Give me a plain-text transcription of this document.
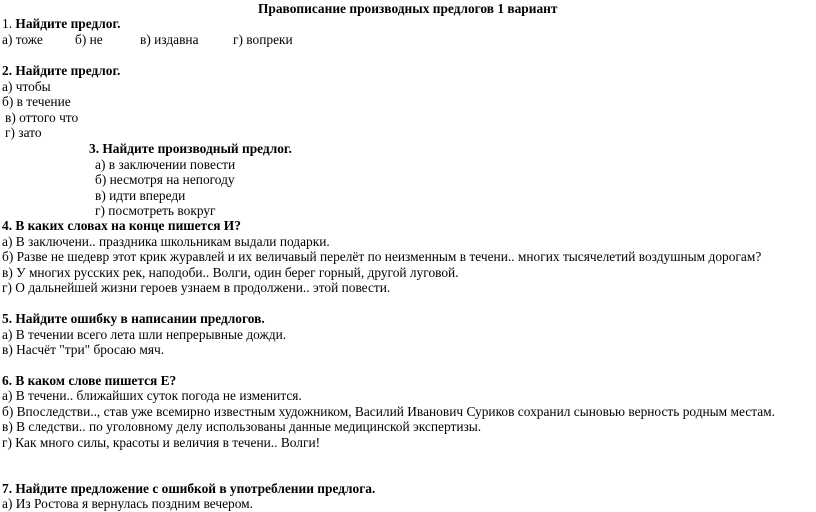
Правописание производных предлогов 1 вариант
1. Найдите предлог.
а) тоже б) не	в) издавна	г) вопреки
2. Найдите предлог.
а) чтобы
б) в течение
в) оттого что
г) зато
3. Найдите производный предлог.
а) в заключении повести
б) несмотря на непогоду
в) идти впереди
г) посмотреть вокруг
4. В каких словах на конце пишется И?
а) В заключени.. праздника школьникам выдали подарки.
б) Разве не шедевр этот крик журавлей и их величавый перелёт по неизменным в течени.. многих тысячелетий воздушным дорогам?
в) У многих русских рек, наподоби.. Волги, один берег горный, другой луговой.
г) О дальнейшей жизни героев узнаем в продолжени.. этой повести.
5. Найдите ошибку в написании предлогов.
а) В течении всего лета шли непрерывные дожди.
в) Насчёт "три" бросаю мяч.
6. В каком слове пишется Е?
а) В течени.. ближайших суток погода не изменится.
б) Впоследстви.., став уже всемирно известным художником, Василий Иванович Суриков сохранил сыновью верность родным местам.
в) В следстви.. по уголовному делу использованы данные медицинской экспертизы.
г) Как много силы, красоты и величия в течени.. Волги!
7. Найдите предложение с ошибкой в употреблении предлога.
а) Из Ростова я вернулась поздним вечером.
